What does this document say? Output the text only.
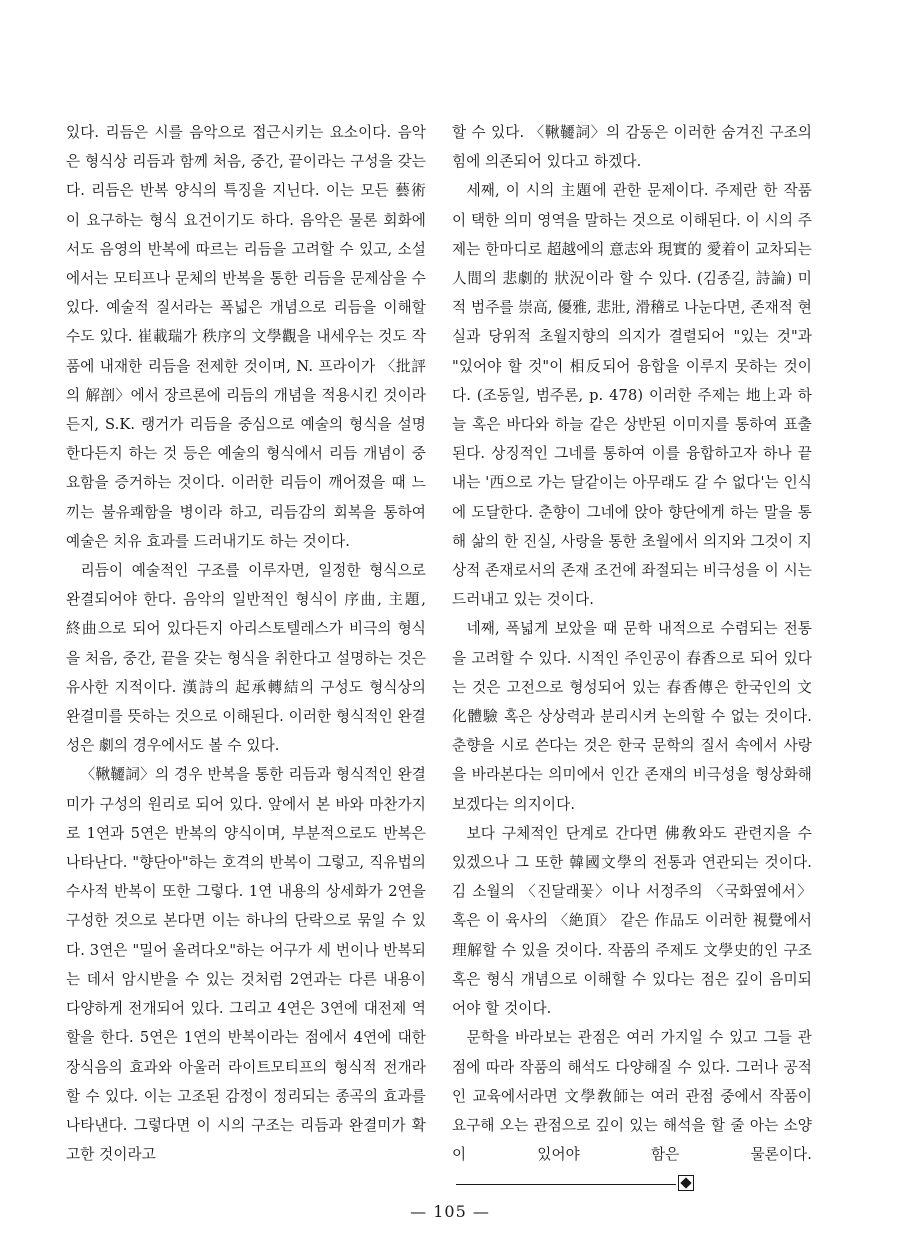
있다. 리듬은 시를 음악으로 접근시키는 요소이다. 음악은 형식상 리듬과 함께 처음, 중간, 끝이라는 구성을 갖는다. 리듬은 반복 양식의 특징을 지닌다. 이는 모든 藝術이 요구하는 형식 요건이기도 하다. 음악은 물론 회화에서도 음영의 반복에 따르는 리듬을 고려할 수 있고, 소설에서는 모티프나 문체의 반복을 통한 리듬을 문제삼을 수 있다. 예술적 질서라는 폭넓은 개념으로 리듬을 이해할 수도 있다. 崔載瑞가 秩序의 文學觀을 내세우는 것도 작품에 내재한 리듬을 전제한 것이며, N. 프라이가 〈批評의 解剖〉에서 장르론에 리듬의 개념을 적용시킨 것이라든지, S.K. 랭거가 리듬을 중심으로 예술의 형식을 설명한다든지 하는 것 등은 예술의 형식에서 리듬 개념이 중요함을 증거하는 것이다. 이러한 리듬이 깨어졌을 때 느끼는 불유쾌함을 병이라 하고, 리듬감의 회복을 통하여 예술은 치유 효과를 드러내기도 하는 것이다.

리듬이 예술적인 구조를 이루자면, 일정한 형식으로 완결되어야 한다. 음악의 일반적인 형식이 序曲, 主題, 終曲으로 되어 있다든지 아리스토텔레스가 비극의 형식을 처음, 중간, 끝을 갖는 형식을 취한다고 설명하는 것은 유사한 지적이다. 漢詩의 起承轉結의 구성도 형식상의 완결미를 뜻하는 것으로 이해된다. 이러한 형식적인 완결성은 劇의 경우에서도 볼 수 있다.

〈鞦韆詞〉의 경우 반복을 통한 리듬과 형식적인 완결미가 구성의 원리로 되어 있다. 앞에서 본 바와 마찬가지로 1연과 5연은 반복의 양식이며, 부분적으로도 반복은 나타난다. "향단아"하는 호격의 반복이 그렇고, 직유법의 수사적 반복이 또한 그렇다. 1연 내용의 상세화가 2연을 구성한 것으로 본다면 이는 하나의 단락으로 묶일 수 있다. 3연은 "밀어 올려다오"하는 어구가 세 번이나 반복되는 데서 암시받을 수 있는 것처럼 2연과는 다른 내용이 다양하게 전개되어 있다. 그리고 4연은 3연에 대전제 역할을 한다. 5연은 1연의 반복이라는 점에서 4연에 대한 장식음의 효과와 아울러 라이트모티프의 형식적 전개라 할 수 있다. 이는 고조된 감정이 정리되는 종곡의 효과를 나타낸다. 그렇다면 이 시의 구조는 리듬과 완결미가 확고한 것이라고

할 수 있다. 〈鞦韆詞〉의 감동은 이러한 숨겨진 구조의 힘에 의존되어 있다고 하겠다.

세째, 이 시의 主題에 관한 문제이다. 주제란 한 작품이 택한 의미 영역을 말하는 것으로 이해된다. 이 시의 주제는 한마디로 超越에의 意志와 現實的 愛着이 교차되는 人間의 悲劇的 狀況이라 할 수 있다. (김종길, 詩論) 미적 범주를 崇高, 優雅, 悲壯, 滑稽로 나눈다면, 존재적 현실과 당위적 초월지향의 의지가 결렬되어 "있는 것"과 "있어야 할 것"이 相反되어 융합을 이루지 못하는 것이다. (조동일, 범주론, p. 478) 이러한 주제는 地上과 하늘 혹은 바다와 하늘 같은 상반된 이미지를 통하여 표출된다. 상징적인 그네를 통하여 이를 융합하고자 하나 끝내는 '西으로 가는 달같이는 아무래도 갈 수 없다'는 인식에 도달한다. 춘향이 그네에 앉아 향단에게 하는 말을 통해 삶의 한 진실, 사랑을 통한 초월에서 의지와 그것이 지상적 존재로서의 존재 조건에 좌절되는 비극성을 이 시는 드러내고 있는 것이다.

네째, 폭넓게 보았을 때 문학 내적으로 수렴되는 전통을 고려할 수 있다. 시적인 주인공이 春香으로 되어 있다는 것은 고전으로 형성되어 있는 春香傳은 한국인의 文化體驗 혹은 상상력과 분리시켜 논의할 수 없는 것이다. 춘향을 시로 쓴다는 것은 한국 문학의 질서 속에서 사랑을 바라본다는 의미에서 인간 존재의 비극성을 형상화해 보겠다는 의지이다.

보다 구체적인 단계로 간다면 佛敎와도 관련지을 수 있겠으나 그 또한 韓國文學의 전통과 연관되는 것이다. 김 소월의 〈진달래꽃〉이나 서정주의 〈국화옆에서〉 혹은 이 육사의 〈絶頂〉 같은 作品도 이러한 視覺에서 理解할 수 있을 것이다. 작품의 주제도 文學史的인 구조 혹은 형식 개념으로 이해할 수 있다는 점은 깊이 음미되어야 할 것이다.

문학을 바라보는 관점은 여러 가지일 수 있고 그들 관점에 따라 작품의 해석도 다양해질 수 있다. 그러나 공적인 교육에서라면 文學敎師는 여러 관점 중에서 작품이 요구해 오는 관점으로 깊이 있는 해석을 할 줄 아는 소양이 있어야 함은 물론이다.

— 105 —
